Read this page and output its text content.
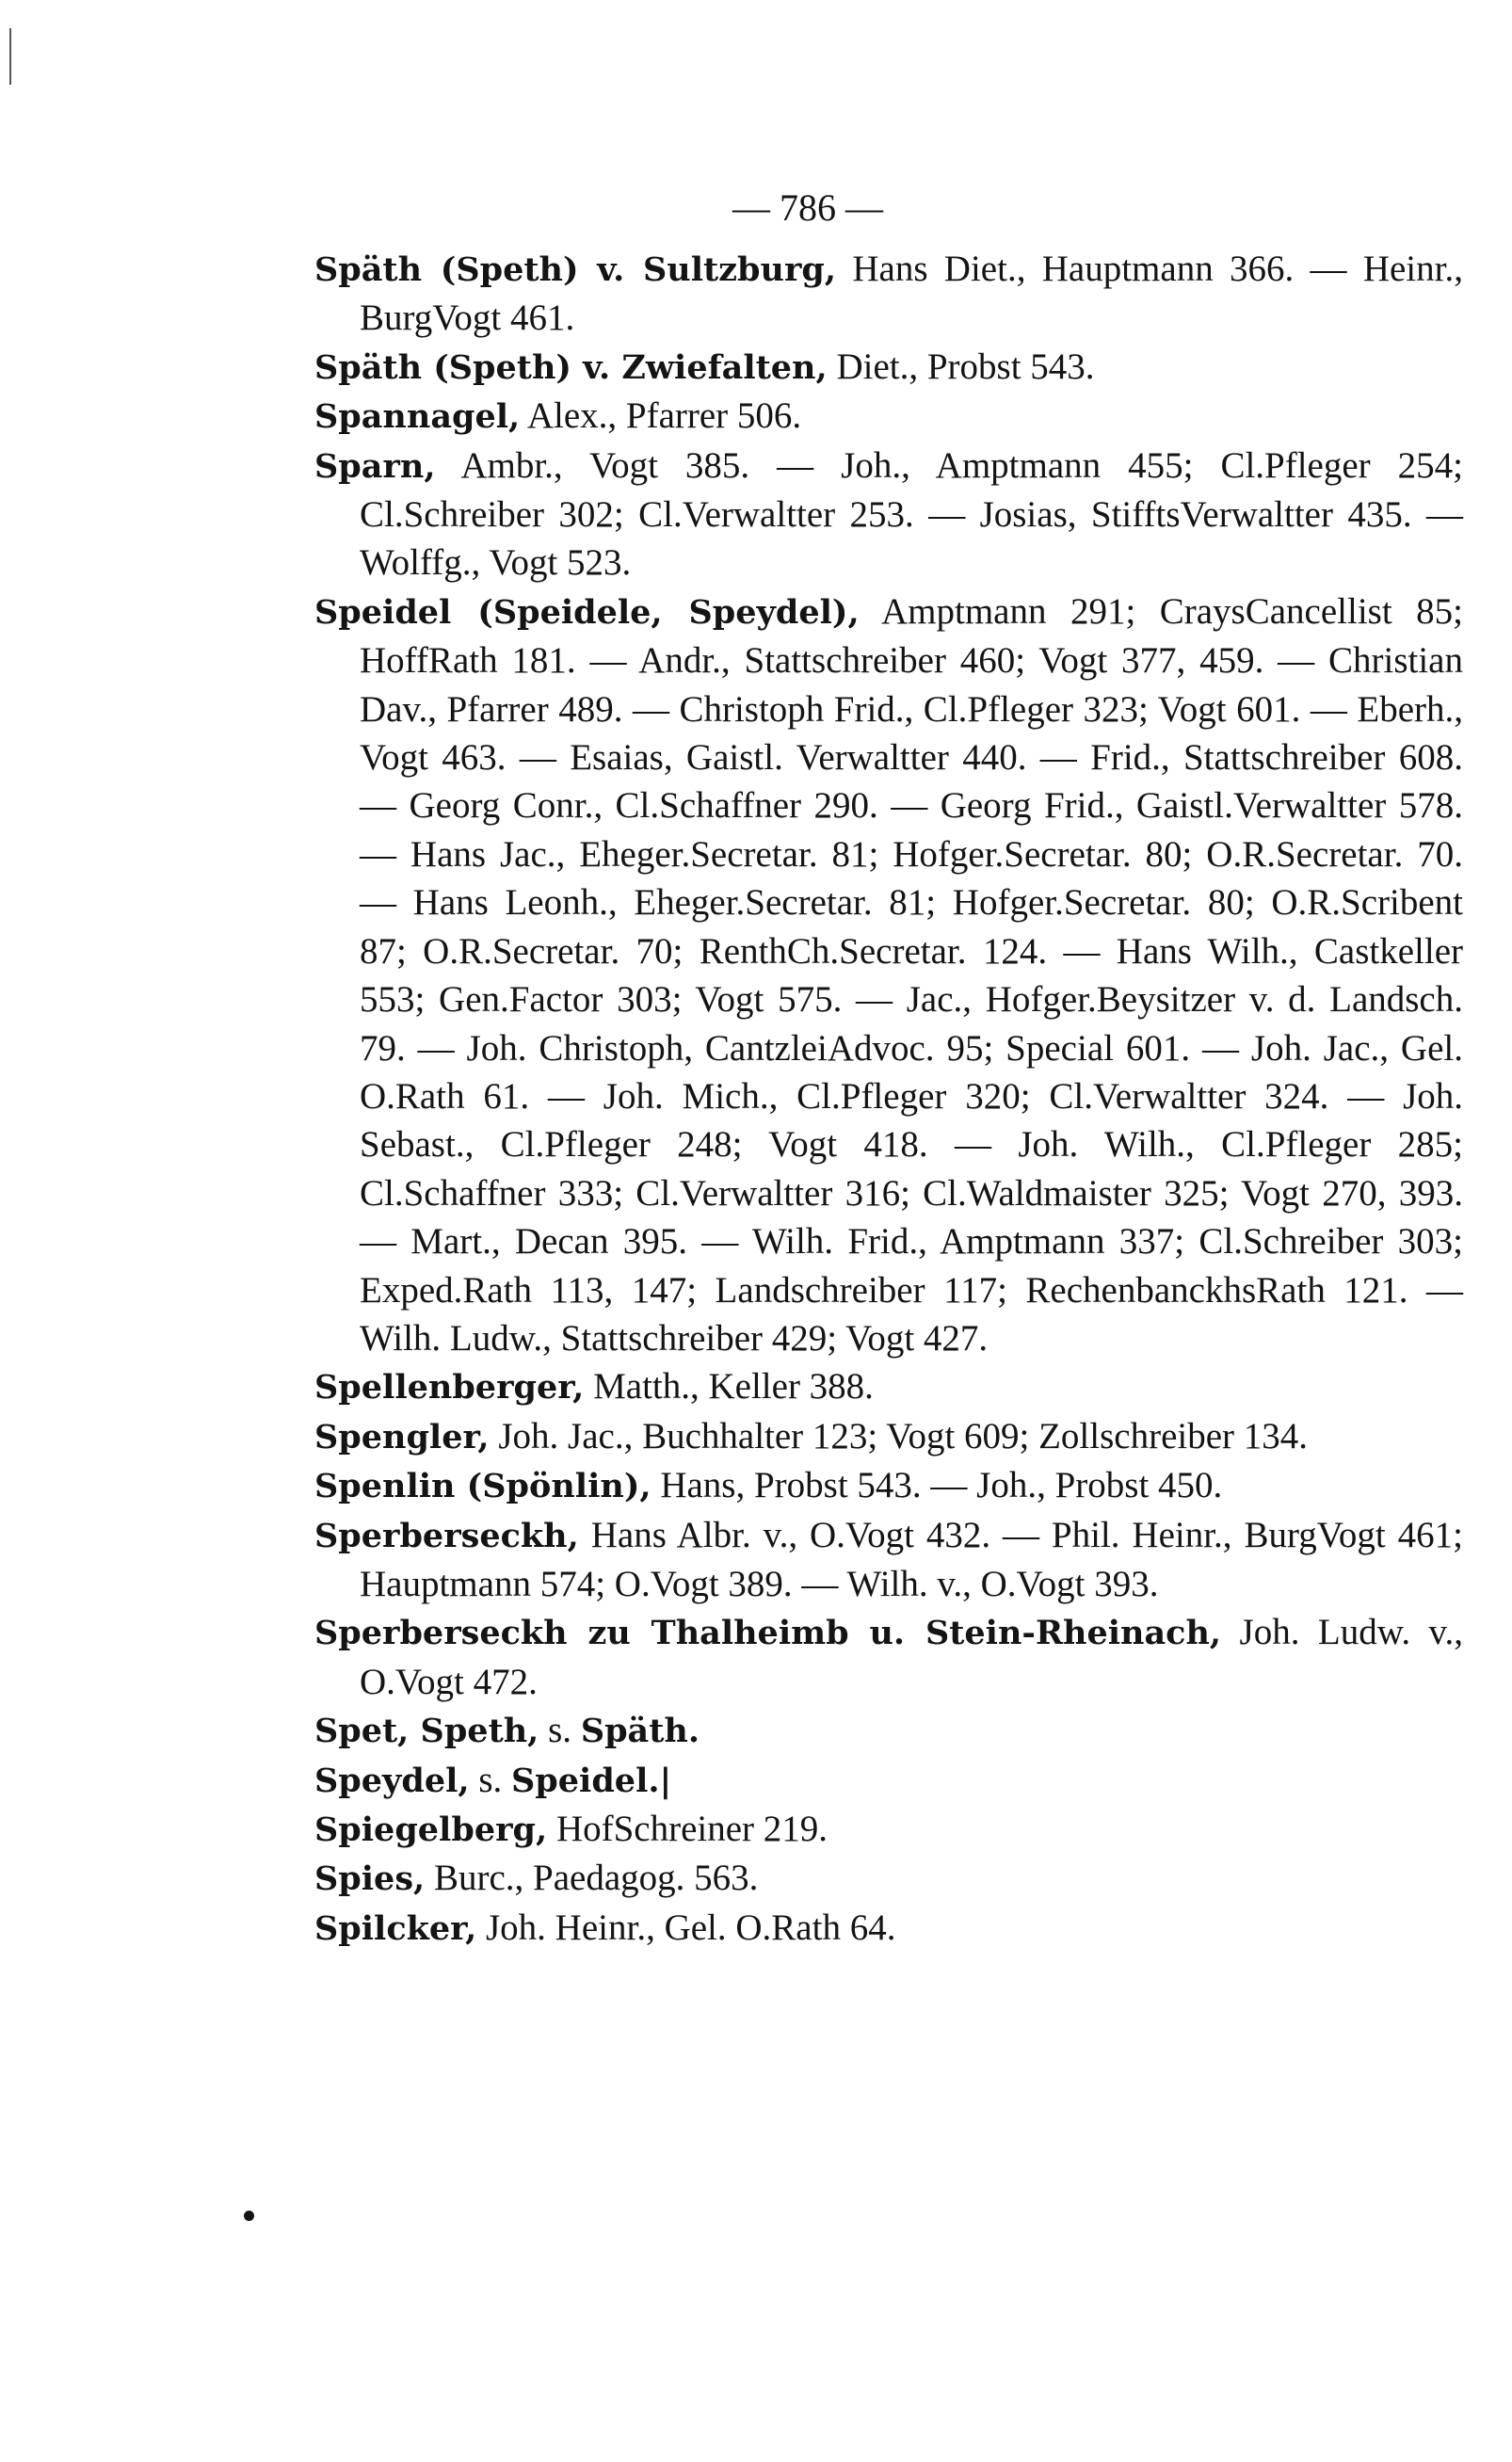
— 786 —

Späth (Speth) v. Sultzburg, Hans Diet., Hauptmann 366. — Heinr., BurgVogt 461.

Späth (Speth) v. Zwiefalten, Diet., Probst 543.

Spannagel, Alex., Pfarrer 506.

Sparn, Ambr., Vogt 385. — Joh., Amptmann 455; Cl.Pfleger 254; Cl.Schreiber 302; Cl.Verwaltter 253. — Josias, StifftsVerwaltter 435. — Wolffg., Vogt 523.

Speidel (Speidele, Speydel), Amptmann 291; CraysCancellist 85; HoffRath 181. — Andr., Stattschreiber 460; Vogt 377, 459. — Christian Dav., Pfarrer 489. — Christoph Frid., Cl.Pfleger 323; Vogt 601. — Eberh., Vogt 463. — Esaias, Gaistl. Verwaltter 440. — Frid., Stattschreiber 608. — Georg Conr., Cl.Schaffner 290. — Georg Frid., Gaistl.Verwaltter 578. — Hans Jac., Eheger.Secretar. 81; Hofger.Secretar. 80; O.R.Secretar. 70. — Hans Leonh., Eheger.Secretar. 81; Hofger.Secretar. 80; O.R.Scribent 87; O.R.Secretar. 70; RenthCh.Secretar. 124. — Hans Wilh., Castkeller 553; Gen.Factor 303; Vogt 575. — Jac., Hofger.Beysitzer v. d. Landsch. 79. — Joh. Christoph, CantzleiAdvoc. 95; Special 601. — Joh. Jac., Gel. O.Rath 61. — Joh. Mich., Cl.Pfleger 320; Cl.Verwaltter 324. — Joh. Sebast., Cl.Pfleger 248; Vogt 418. — Joh. Wilh., Cl.Pfleger 285; Cl.Schaffner 333; Cl.Verwaltter 316; Cl.Waldmaister 325; Vogt 270, 393. — Mart., Decan 395. — Wilh. Frid., Amptmann 337; Cl.Schreiber 303; Exped.Rath 113, 147; Landschreiber 117; RechenbanckhsRath 121. — Wilh. Ludw., Stattschreiber 429; Vogt 427.

Spellenberger, Matth., Keller 388.

Spengler, Joh. Jac., Buchhalter 123; Vogt 609; Zollschreiber 134.

Spenlin (Spönlin), Hans, Probst 543. — Joh., Probst 450.

Sperberseckh, Hans Albr. v., O.Vogt 432. — Phil. Heinr., BurgVogt 461; Hauptmann 574; O.Vogt 389. — Wilh. v., O.Vogt 393.

Sperberseckh zu Thalheimb u. Stein-Rheinach, Joh. Ludw. v., O.Vogt 472.

Spet, Speth, s. Späth.

Speydel, s. Speidel.|

Spiegelberg, HofSchreiner 219.

Spies, Burc., Paedagog. 563.

Spilcker, Joh. Heinr., Gel. O.Rath 64.
